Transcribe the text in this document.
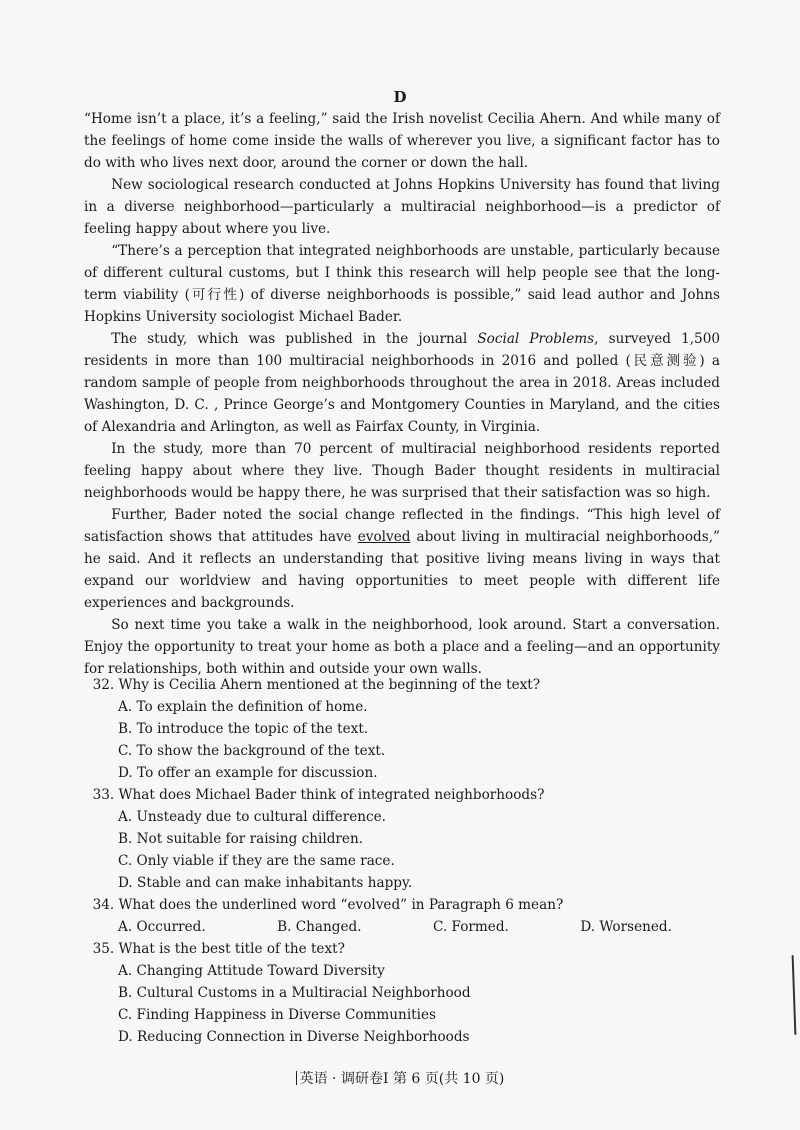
D

“Home isn’t a place, it’s a feeling,” said the Irish novelist Cecilia Ahern. And while many of the feelings of home come inside the walls of wherever you live, a significant factor has to do with who lives next door, around the corner or down the hall.

New sociological research conducted at Johns Hopkins University has found that living in a diverse neighborhood—particularly a multiracial neighborhood—is a predictor of feeling happy about where you live.

“There’s a perception that integrated neighborhoods are unstable, particularly because of different cultural customs, but I think this research will help people see that the long-term viability (可行性) of diverse neighborhoods is possible,” said lead author and Johns Hopkins University sociologist Michael Bader.

The study, which was published in the journal Social Problems, surveyed 1,500 residents in more than 100 multiracial neighborhoods in 2016 and polled (民意测验) a random sample of people from neighborhoods throughout the area in 2018. Areas included Washington, D. C. , Prince George’s and Montgomery Counties in Maryland, and the cities of Alexandria and Arlington, as well as Fairfax County, in Virginia.

In the study, more than 70 percent of multiracial neighborhood residents reported feeling happy about where they live. Though Bader thought residents in multiracial neighborhoods would be happy there, he was surprised that their satisfaction was so high.

Further, Bader noted the social change reflected in the findings. “This high level of satisfaction shows that attitudes have evolved about living in multiracial neighborhoods,” he said. And it reflects an understanding that positive living means living in ways that expand our worldview and having opportunities to meet people with different life experiences and backgrounds.

So next time you take a walk in the neighborhood, look around. Start a conversation. Enjoy the opportunity to treat your home as both a place and a feeling—and an opportunity for relationships, both within and outside your own walls.

32. Why is Cecilia Ahern mentioned at the beginning of the text?
A. To explain the definition of home.
B. To introduce the topic of the text.
C. To show the background of the text.
D. To offer an example for discussion.
33. What does Michael Bader think of integrated neighborhoods?
A. Unsteady due to cultural difference.
B. Not suitable for raising children.
C. Only viable if they are the same race.
D. Stable and can make inhabitants happy.
34. What does the underlined word “evolved” in Paragraph 6 mean?
A. Occurred.	B. Changed.	C. Formed.	D. Worsened.
35. What is the best title of the text?
A. Changing Attitude Toward Diversity
B. Cultural Customs in a Multiracial Neighborhood
C. Finding Happiness in Diverse Communities
D. Reducing Connection in Diverse Neighborhoods
英语 · 调研卷Ⅰ 第 6 页(共 10 页)
